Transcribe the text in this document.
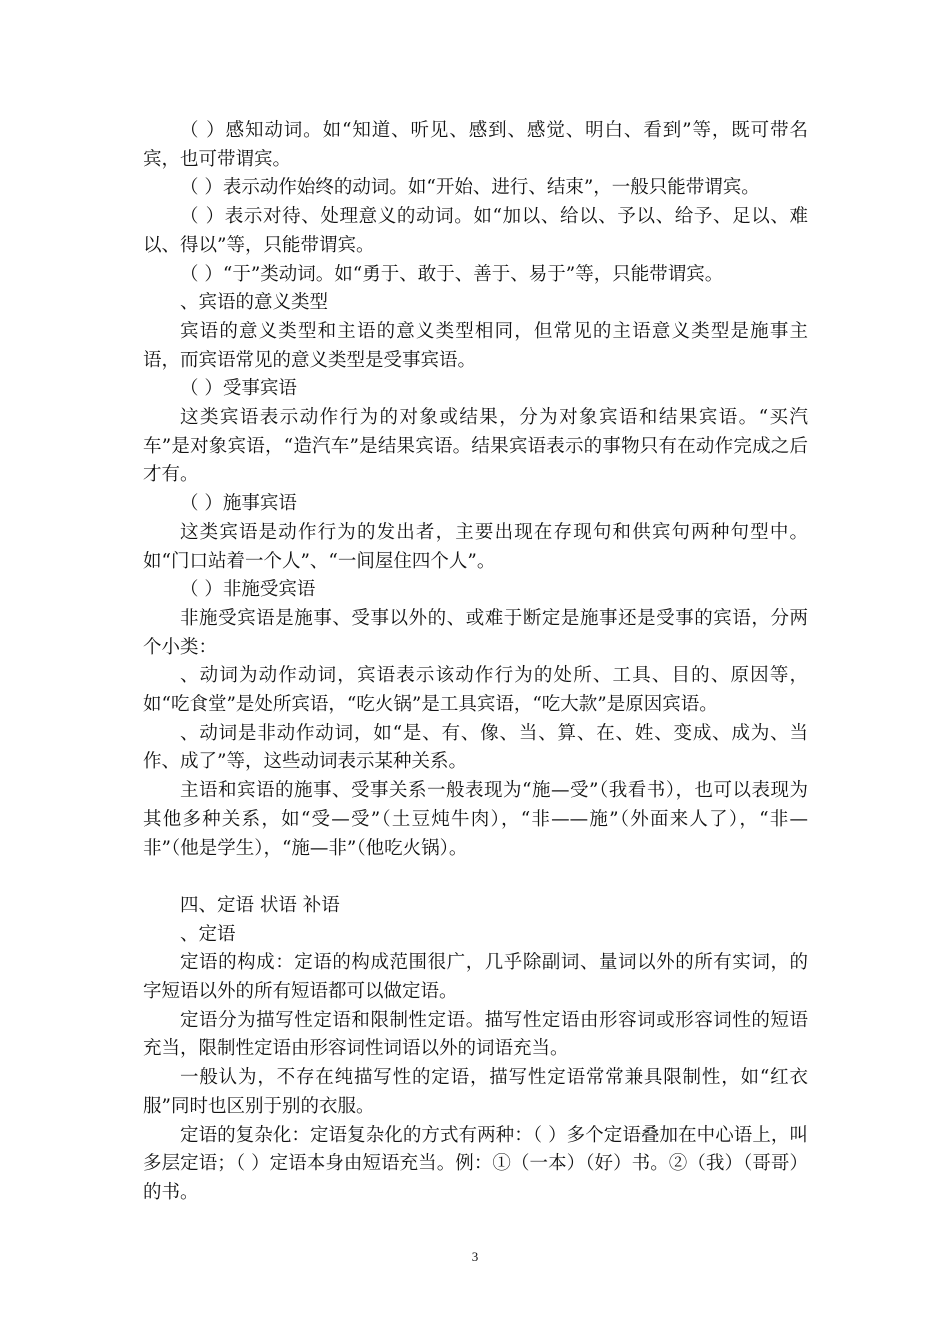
（ ）感知动词。如“知道、听见、感到、感觉、明白、看到”等，既可带名宾，也可带谓宾。

（ ）表示动作始终的动词。如“开始、进行、结束”，一般只能带谓宾。

（ ）表示对待、处理意义的动词。如“加以、给以、予以、给予、足以、难以、得以”等，只能带谓宾。

（ ）“于”类动词。如“勇于、敢于、善于、易于”等，只能带谓宾。

、宾语的意义类型

宾语的意义类型和主语的意义类型相同，但常见的主语意义类型是施事主语，而宾语常见的意义类型是受事宾语。

（ ）受事宾语

这类宾语表示动作行为的对象或结果，分为对象宾语和结果宾语。“买汽车”是对象宾语，“造汽车”是结果宾语。结果宾语表示的事物只有在动作完成之后才有。

（ ）施事宾语

这类宾语是动作行为的发出者，主要出现在存现句和供宾句两种句型中。如“门口站着一个人”、“一间屋住四个人”。

（ ）非施受宾语

非施受宾语是施事、受事以外的、或难于断定是施事还是受事的宾语，分两个小类：

、动词为动作动词，宾语表示该动作行为的处所、工具、目的、原因等，如“吃食堂”是处所宾语，“吃火锅”是工具宾语，“吃大款”是原因宾语。

、动词是非动作动词，如“是、有、像、当、算、在、姓、变成、成为、当作、成了”等，这些动词表示某种关系。

主语和宾语的施事、受事关系一般表现为“施—受”（我看书），也可以表现为其他多种关系，如“受—受”（土豆炖牛肉），“非——施”（外面来人了），“非—非”（他是学生），“施—非”（他吃火锅）。

四、定语 状语 补语

、定语

定语的构成：定语的构成范围很广，几乎除副词、量词以外的所有实词，的字短语以外的所有短语都可以做定语。

定语分为描写性定语和限制性定语。描写性定语由形容词或形容词性的短语充当，限制性定语由形容词性词语以外的词语充当。

一般认为，不存在纯描写性的定语，描写性定语常常兼具限制性，如“红衣服”同时也区别于别的衣服。

定语的复杂化：定语复杂化的方式有两种：（ ）多个定语叠加在中心语上，叫多层定语；（ ）定语本身由短语充当。例：①（一本）（好）书。②（我）（哥哥）的书。

3
